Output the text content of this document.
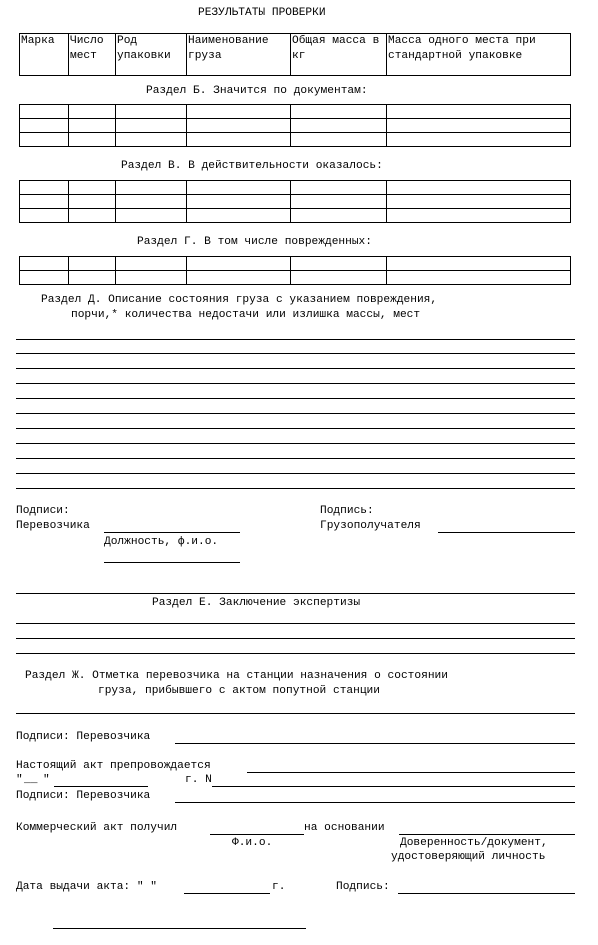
РЕЗУЛЬТАТЫ ПРОВЕРКИ
Марка	Число мест	Род упаковки	Наименование груза	Общая масса в кг	Масса одного места при стандартной упаковке
Раздел Б. Значится по документам:

Раздел В. В действительности оказалось:

Раздел Г. В том числе поврежденных:

Раздел Д. Описание состояния груза с указанием повреждения,
порчи,* количества недостачи или излишка массы, мест
Подписи:
Перевозчика
Должность, ф.и.о.
Подпись:
Грузополучателя
Раздел Е. Заключение экспертизы
Раздел Ж. Отметка перевозчика на станции назначения о состоянии
груза, прибывшего с актом попутной станции
Подписи: Перевозчика
Настоящий акт препровождается
" __ "	г. N
Подписи: Перевозчика
Коммерческий акт получил	на основании
Ф.и.о.	Доверенность/документ,
удостоверяющий личность
Дата выдачи акта: " "	г.	Подпись:
